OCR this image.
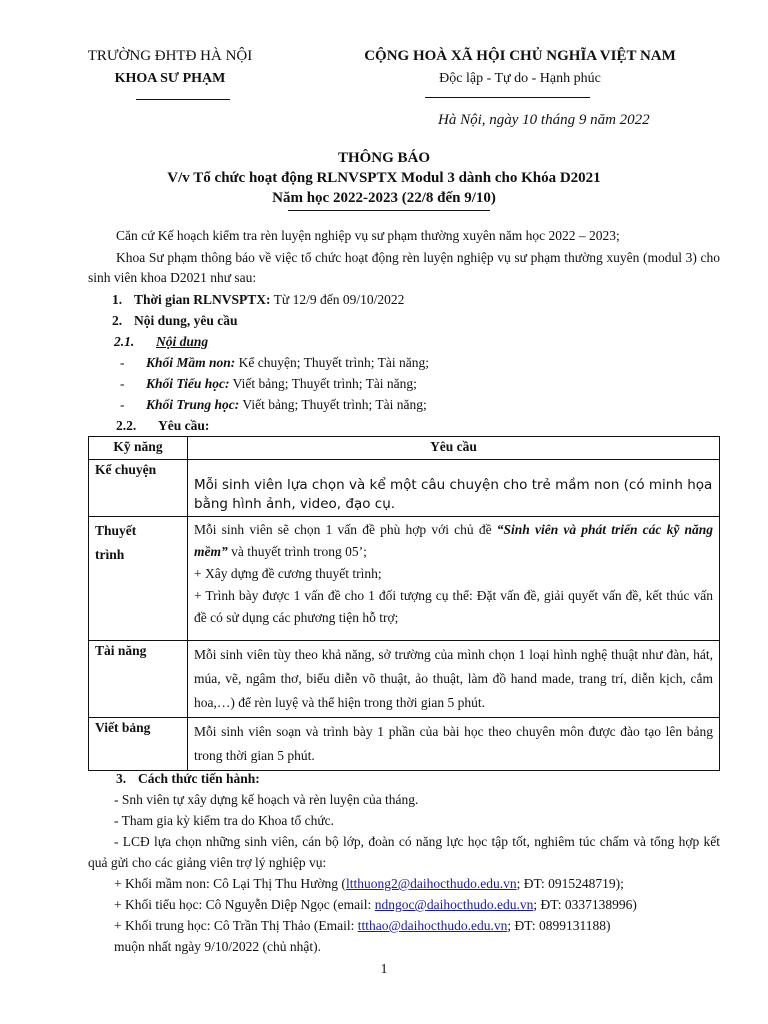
TRƯỜNG ĐHTĐ HÀ NỘI
KHOA SƯ PHẠM
CỘNG HOÀ XÃ HỘI CHỦ NGHĨA VIỆT NAM
Độc lập - Tự do - Hạnh phúc
Hà Nội, ngày 10 tháng 9 năm 2022
THÔNG BÁO
V/v Tổ chức hoạt động RLNVSPTX Modul 3 dành cho Khóa D2021
Năm học 2022-2023 (22/8 đến 9/10)
Căn cứ Kế hoạch kiểm tra rèn luyện nghiệp vụ sư phạm thường xuyên năm học 2022 – 2023;
Khoa Sư phạm thông báo về việc tổ chức hoạt động rèn luyện nghiệp vụ sư phạm thường xuyên (modul 3) cho sinh viên khoa D2021 như sau:
1. Thời gian RLNVSPTX: Từ 12/9 đến 09/10/2022
2. Nội dung, yêu cầu
2.1. Nội dung
- Khối Mầm non: Kể chuyện; Thuyết trình; Tài năng;
- Khối Tiểu học: Viết bảng; Thuyết trình; Tài năng;
- Khối Trung học: Viết bảng; Thuyết trình; Tài năng;
2.2. Yêu cầu:
Kỹ năng	Yêu cầu
Kể chuyện	Mỗi sinh viên lựa chọn và kể một câu chuyện cho trẻ mầm non (có minh họa bằng hình ảnh, video, đạo cụ.

Thuyết trình	Mỗi sinh viên sẽ chọn 1 vấn đề phù hợp với chủ đề “Sinh viên và phát triển các kỹ năng mềm” và thuyết trình trong 05’;
+ Xây dựng đề cương thuyết trình;
+ Trình bày được 1 vấn đề cho 1 đối tượng cụ thể: Đặt vấn đề, giải quyết vấn đề, kết thúc vấn đề có sử dụng các phương tiện hỗ trợ;

Tài năng	Mỗi sinh viên tùy theo khả năng, sở trường của mình chọn 1 loại hình nghệ thuật như đàn, hát, múa, vẽ, ngâm thơ, biểu diễn võ thuật, ảo thuật, làm đồ hand made, trang trí, diễn kịch, cắm hoa,…) để rèn luyệ và thể hiện trong thời gian 5 phút.

Viết bảng	Mỗi sinh viên soạn và trình bày 1 phần của bài học theo chuyên môn được đào tạo lên bảng trong thời gian 5 phút.
3. Cách thức tiến hành:
- Snh viên tự xây dựng kế hoạch và rèn luyện của tháng.
- Tham gia kỳ kiểm tra do Khoa tổ chức.
- LCĐ lựa chọn những sinh viên, cán bộ lớp, đoàn có năng lực học tập tốt, nghiêm túc chấm và tổng hợp kết quả gửi cho các giảng viên trợ lý nghiệp vụ:
+ Khối mầm non: Cô Lại Thị Thu Hường (ltthuong2@daihocthudo.edu.vn; ĐT: 0915248719);
+ Khối tiểu học: Cô Nguyễn Diệp Ngọc (email: ndngoc@daihocthudo.edu.vn; ĐT: 0337138996)
+ Khối trung học: Cô Trần Thị Thảo (Email: ttthao@daihocthudo.edu.vn; ĐT: 0899131188)
muộn nhất ngày 9/10/2022 (chủ nhật).
1
